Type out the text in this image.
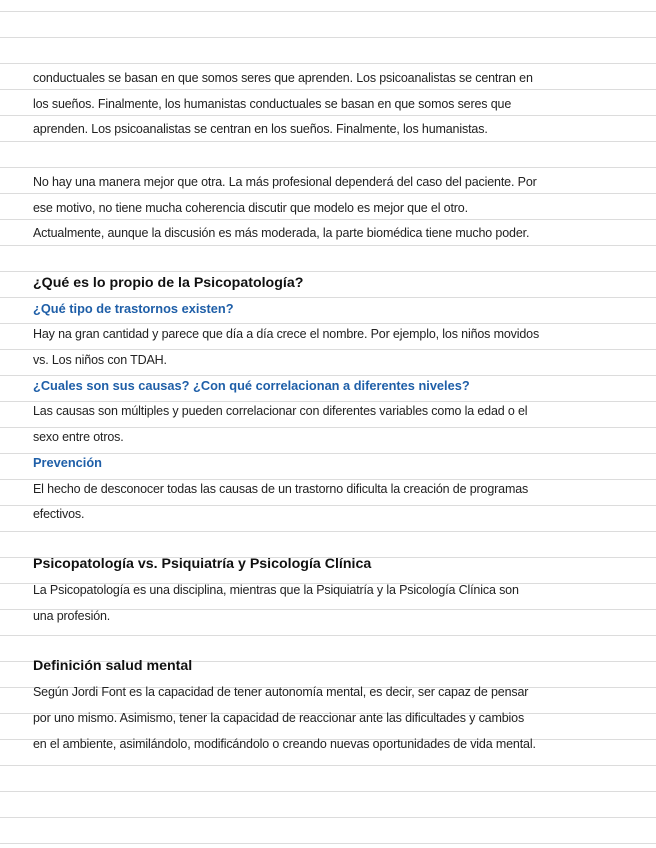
conductuales se basan en que somos seres que aprenden. Los psicoanalistas se centran en
los sueños. Finalmente, los humanistas conductuales se basan en que somos seres que
aprenden. Los psicoanalistas se centran en los sueños. Finalmente, los humanistas.
No hay una manera mejor que otra. La más profesional dependerá del caso del paciente. Por
ese motivo, no tiene mucha coherencia discutir que modelo es mejor que el otro.
Actualmente, aunque la discusión es más moderada, la parte biomédica tiene mucho poder.
¿Qué es lo propio de la Psicopatología?
¿Qué tipo de trastornos existen?
Hay na gran cantidad y parece que día a día crece el nombre. Por ejemplo, los niños movidos
vs. Los niños con TDAH.
¿Cuales son sus causas? ¿Con qué correlacionan a diferentes niveles?
Las causas son múltiples y pueden correlacionar con diferentes variables como la edad o el
sexo entre otros.
Prevención
El hecho de desconocer todas las causas de un trastorno dificulta la creación de programas
efectivos.
Psicopatología vs. Psiquiatría y Psicología Clínica
La Psicopatología es una disciplina, mientras que la Psiquiatría y la Psicología Clínica son
una profesión.
Definición salud mental
Según Jordi Font es la capacidad de tener autonomía mental, es decir, ser capaz de pensar
por uno mismo. Asimismo, tener la capacidad de reaccionar ante las dificultades y cambios
en el ambiente, asimilándolo, modificándolo o creando nuevas oportunidades de vida mental.
